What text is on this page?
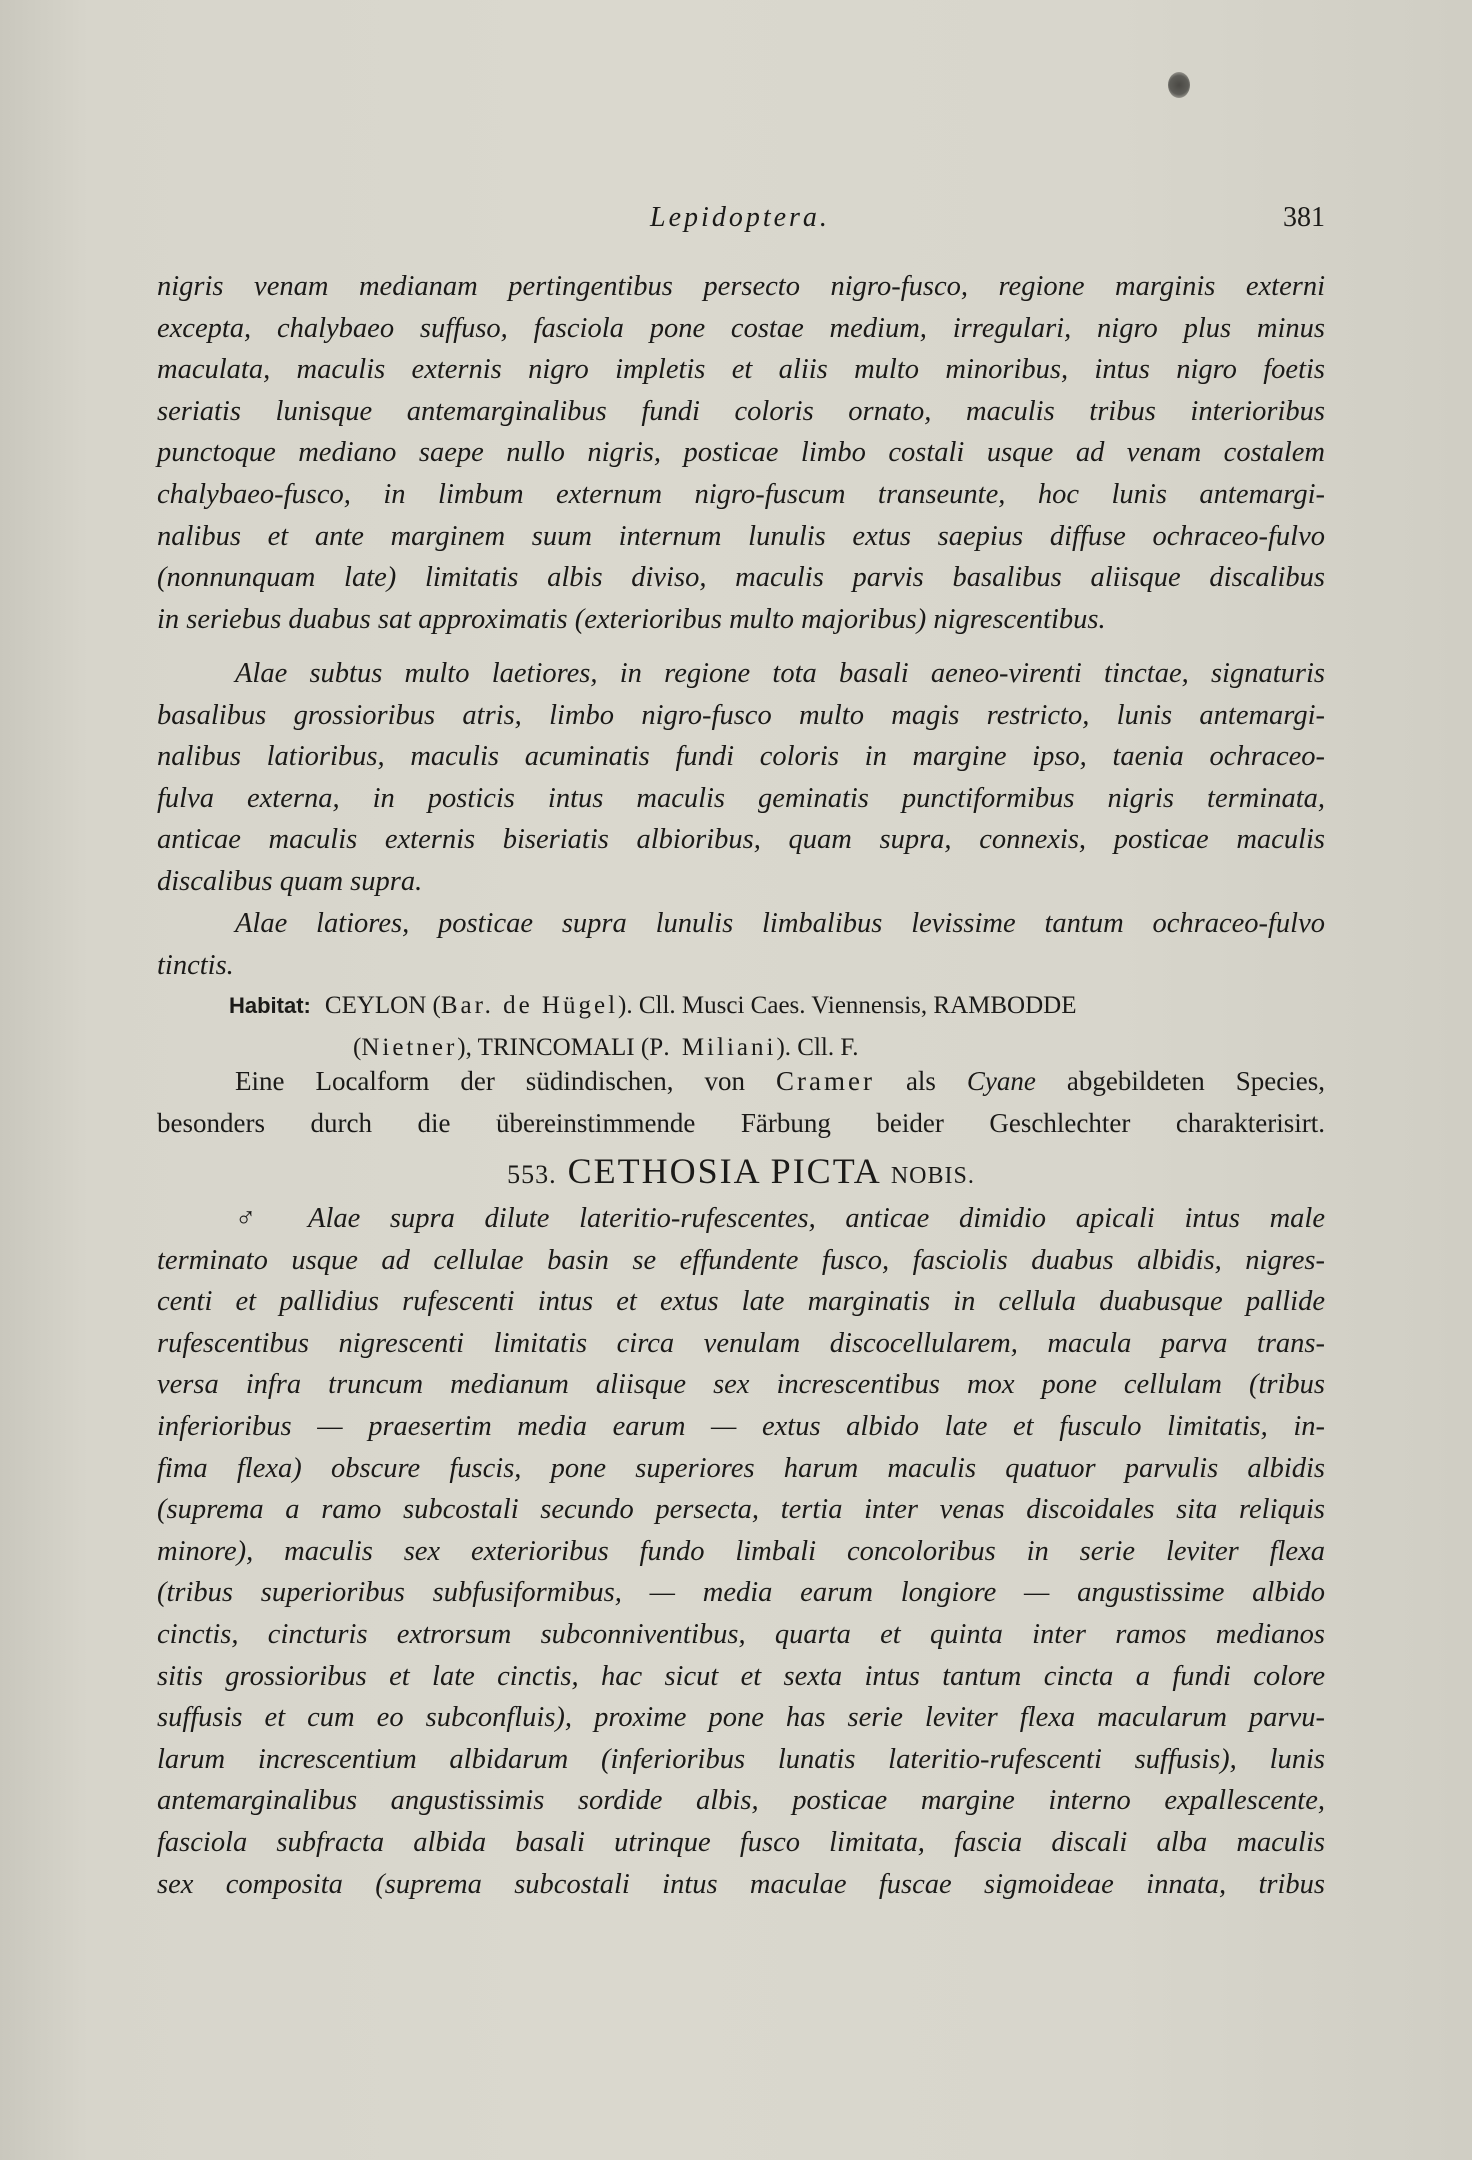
Lepidoptera.	381
nigris venam medianam pertingentibus persecto nigro-fusco, regione marginis externi
excepta, chalybaeo suffuso, fasciola pone costae medium, irregulari, nigro plus minus
maculata, maculis externis nigro impletis et aliis multo minoribus, intus nigro foetis
seriatis lunisque antemarginalibus fundi coloris ornato, maculis tribus interioribus
punctoque mediano saepe nullo nigris, posticae limbo costali usque ad venam costalem
chalybaeo-fusco, in limbum externum nigro-fuscum transeunte, hoc lunis antemargi-
nalibus et ante marginem suum internum lunulis extus saepius diffuse ochraceo-fulvo
(nonnunquam late) limitatis albis diviso, maculis parvis basalibus aliisque discalibus
in seriebus duabus sat approximatis (exterioribus multo majoribus) nigrescentibus.
Alae subtus multo laetiores, in regione tota basali aeneo-virenti tinctae, signaturis
basalibus grossioribus atris, limbo nigro-fusco multo magis restricto, lunis antemargi-
nalibus latioribus, maculis acuminatis fundi coloris in margine ipso, taenia ochraceo-
fulva externa, in posticis intus maculis geminatis punctiformibus nigris terminata,
anticae maculis externis biseriatis albioribus, quam supra, connexis, posticae maculis
discalibus quam supra.
Alae latiores, posticae supra lunulis limbalibus levissime tantum ochraceo-fulvo
tinctis.
Habitat: CEYLON (Bar. de Hügel). Cll. Musci Caes. Viennensis, RAMBODDE
(Nietner), TRINCOMALI (P. Miliani). Cll. F.
Eine Localform der südindischen, von Cramer als Cyane abgebildeten Species,
besonders durch die übereinstimmende Färbung beider Geschlechter charakterisirt.
553. CETHOSIA PICTA NOBIS.
♂ Alae supra dilute lateritio-rufescentes, anticae dimidio apicali intus male
terminato usque ad cellulae basin se effundente fusco, fasciolis duabus albidis, nigres-
centi et pallidius rufescenti intus et extus late marginatis in cellula duabusque pallide
rufescentibus nigrescenti limitatis circa venulam discocellularem, macula parva trans-
versa infra truncum medianum aliisque sex increscentibus mox pone cellulam (tribus
inferioribus — praesertim media earum — extus albido late et fusculo limitatis, in-
fima flexa) obscure fuscis, pone superiores harum maculis quatuor parvulis albidis
(suprema a ramo subcostali secundo persecta, tertia inter venas discoidales sita reliquis
minore), maculis sex exterioribus fundo limbali concoloribus in serie leviter flexa
(tribus superioribus subfusiformibus, — media earum longiore — angustissime albido
cinctis, cincturis extrorsum subconniventibus, quarta et quinta inter ramos medianos
sitis grossioribus et late cinctis, hac sicut et sexta intus tantum cincta a fundi colore
suffusis et cum eo subconfluis), proxime pone has serie leviter flexa macularum parvu-
larum increscentium albidarum (inferioribus lunatis lateritio-rufescenti suffusis), lunis
antemarginalibus angustissimis sordide albis, posticae margine interno expallescente,
fasciola subfracta albida basali utrinque fusco limitata, fascia discali alba maculis
sex composita (suprema subcostali intus maculae fuscae sigmoideae innata, tribus
